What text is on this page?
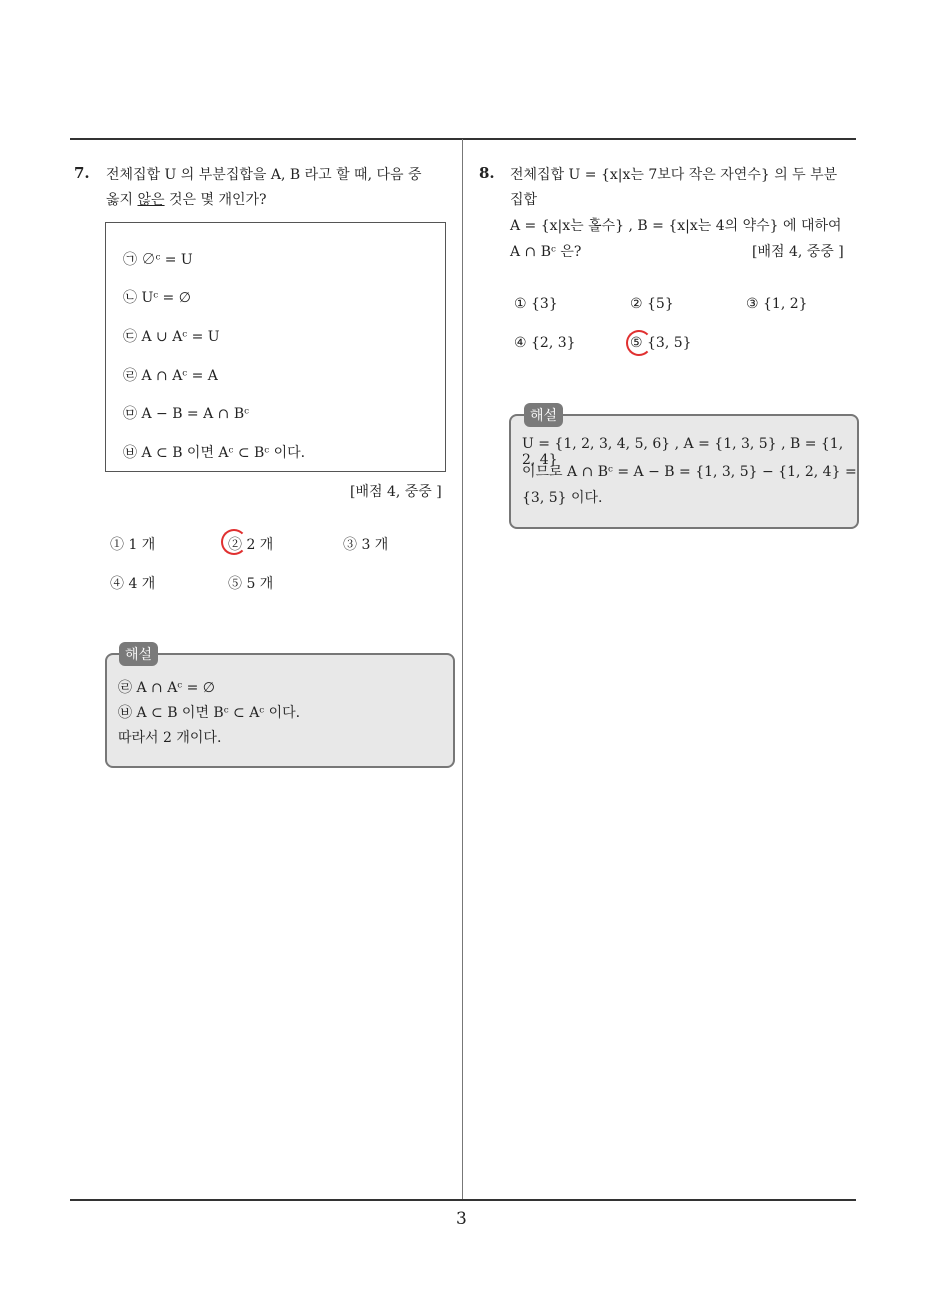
7. 전체집합 U 의 부분집합을 A, B 라고 할 때, 다음 중
옳지 않은 것은 몇 개인가?
㉠ ∅ᶜ = U
㉡ Uᶜ = ∅
㉢ A ∪ Aᶜ = U
㉣ A ∩ Aᶜ = A
㉤ A − B = A ∩ Bᶜ
㉥ A ⊂ B 이면 Aᶜ ⊂ Bᶜ 이다.
[배점 4, 중중 ]
① 1 개	② 2 개	③ 3 개
④ 4 개	⑤ 5 개
㉣ A ∩ Aᶜ = ∅
㉥ A ⊂ B 이면 Bᶜ ⊂ Aᶜ 이다.
따라서 2 개이다.
해설
8. 전체집합 U = {x|x는 7보다 작은 자연수} 의 두 부분
집합
A = {x|x는 홀수} , B = {x|x는 4의 약수} 에 대하여
A ∩ Bᶜ 은?	[배점 4, 중중 ]
① {3}	② {5}	③ {1, 2}
④ {2, 3}	⑤ {3, 5}
U = {1, 2, 3, 4, 5, 6} , A = {1, 3, 5} , B = {1, 2, 4}
이므로 A ∩ Bᶜ = A − B = {1, 3, 5} − {1, 2, 4} =
{3, 5} 이다.
해설
3
